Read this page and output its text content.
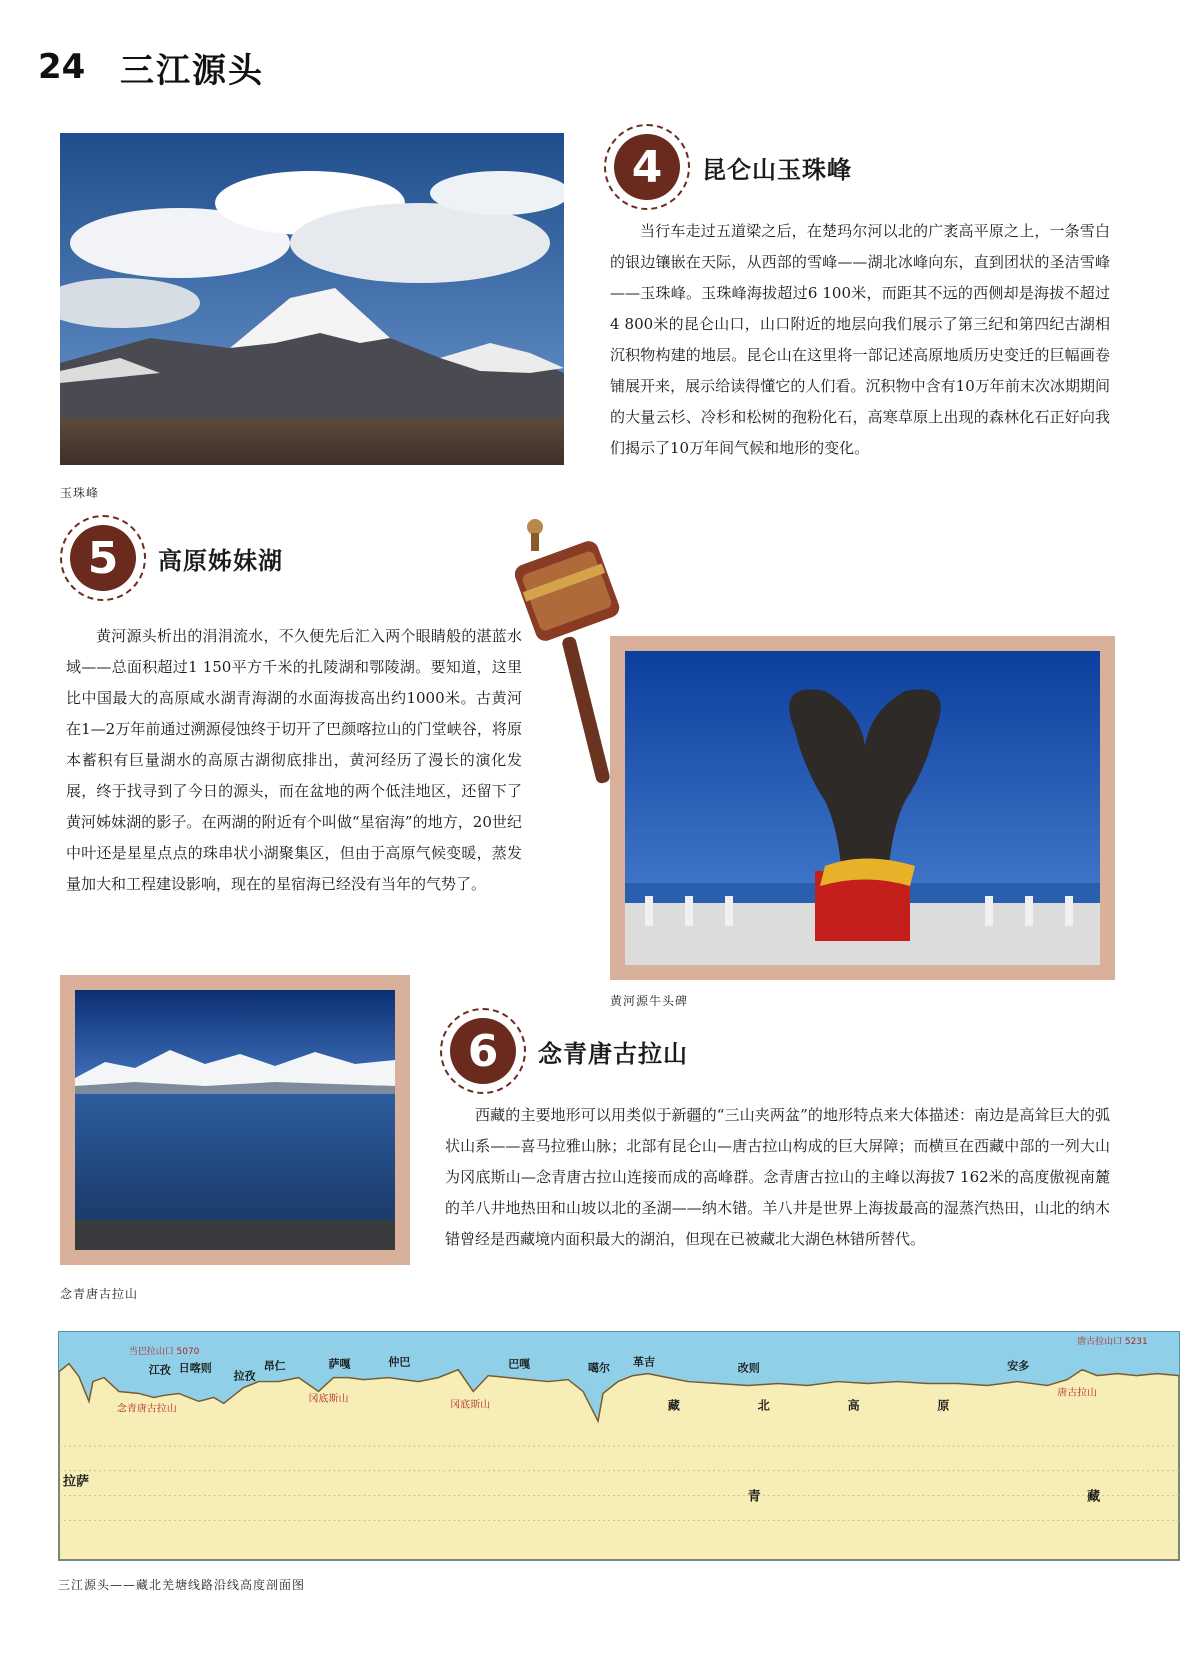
24	三江源头
玉珠峰
4	昆仑山玉珠峰
当行车走过五道梁之后，在楚玛尔河以北的广袤高平原之上，一条雪白的银边镶嵌在天际，从西部的雪峰——湖北冰峰向东，直到团状的圣洁雪峰——玉珠峰。玉珠峰海拔超过6 100米，而距其不远的西侧却是海拔不超过4 800米的昆仑山口，山口附近的地层向我们展示了第三纪和第四纪古湖相沉积物构建的地层。昆仑山在这里将一部记述高原地质历史变迁的巨幅画卷铺展开来，展示给读得懂它的人们看。沉积物中含有10万年前末次冰期期间的大量云杉、冷杉和松树的孢粉化石，高寒草原上出现的森林化石正好向我们揭示了10万年间气候和地形的变化。
5	高原姊妹湖
黄河源头析出的涓涓流水，不久便先后汇入两个眼睛般的湛蓝水域——总面积超过1 150平方千米的扎陵湖和鄂陵湖。要知道，这里比中国最大的高原咸水湖青海湖的水面海拔高出约1000米。古黄河在1—2万年前通过溯源侵蚀终于切开了巴颜喀拉山的门堂峡谷，将原本蓄积有巨量湖水的高原古湖彻底排出，黄河经历了漫长的演化发展，终于找寻到了今日的源头，而在盆地的两个低洼地区，还留下了黄河姊妹湖的影子。在两湖的附近有个叫做“星宿海”的地方，20世纪中叶还是星星点点的珠串状小湖聚集区，但由于高原气候变暖，蒸发量加大和工程建设影响，现在的星宿海已经没有当年的气势了。
黄河源牛头碑
念青唐古拉山
6	念青唐古拉山
西藏的主要地形可以用类似于新疆的“三山夹两盆”的地形特点来大体描述：南边是高耸巨大的弧状山系——喜马拉雅山脉；北部有昆仑山—唐古拉山构成的巨大屏障；而横亘在西藏中部的一列大山为冈底斯山—念青唐古拉山连接而成的高峰群。念青唐古拉山的主峰以海拔7 162米的高度傲视南麓的羊八井地热田和山坡以北的圣湖——纳木错。羊八井是世界上海拔最高的湿蒸汽热田，山北的纳木错曾经是西藏境内面积最大的湖泊，但现在已被藏北大湖色林错所替代。
当巴拉山口 5070
唐古拉山口 5231
江孜 日喀则
拉孜
昂仁	萨嘎	仲巴	巴嘎	噶尔 革吉	改则	安多
念青唐古拉山
冈底斯山
冈底斯山
唐古拉山
藏	北	高	原
拉萨
青	藏
三江源头——藏北羌塘线路沿线高度剖面图
